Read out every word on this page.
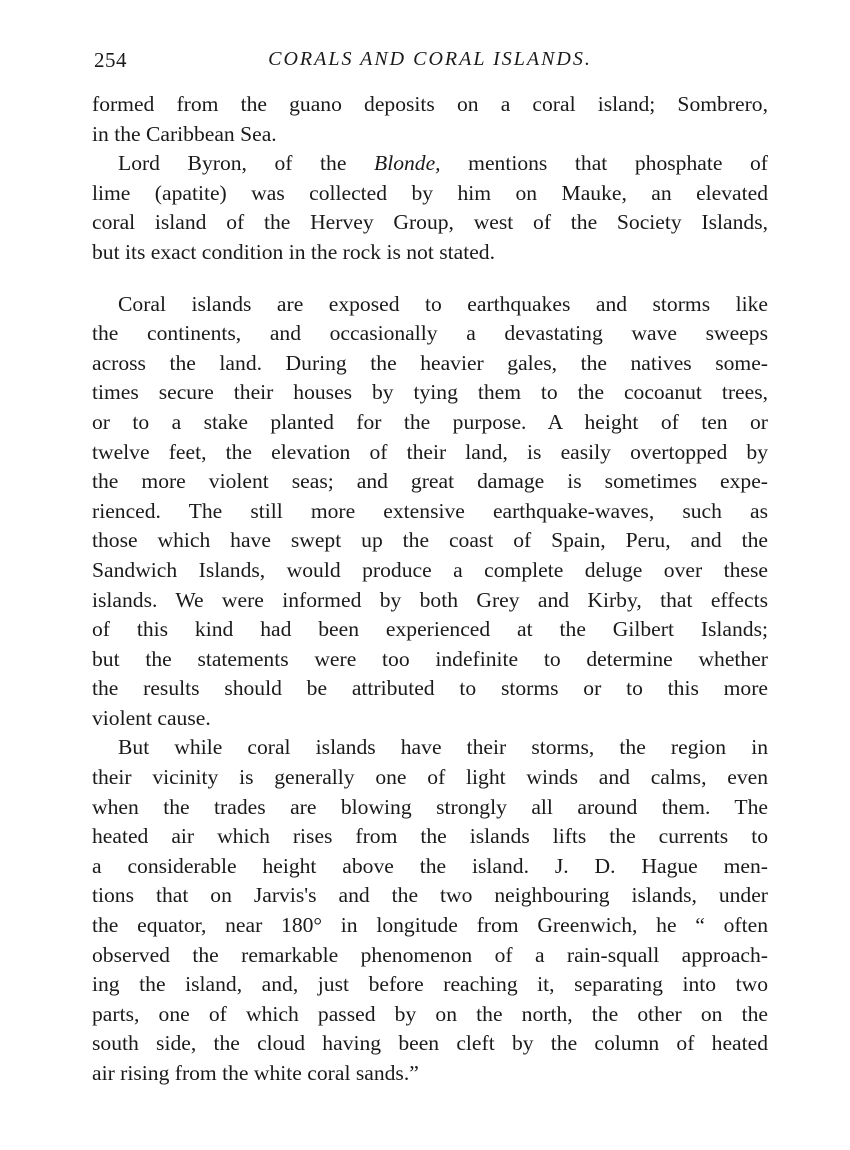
254	CORALS AND CORAL ISLANDS.
formed from the guano deposits on a coral island; Sombrero,
in the Caribbean Sea.
Lord Byron, of the Blonde, mentions that phosphate of
lime (apatite) was collected by him on Mauke, an elevated
coral island of the Hervey Group, west of the Society Islands,
but its exact condition in the rock is not stated.
Coral islands are exposed to earthquakes and storms like
the continents, and occasionally a devastating wave sweeps
across the land. During the heavier gales, the natives some-
times secure their houses by tying them to the cocoanut trees,
or to a stake planted for the purpose. A height of ten or
twelve feet, the elevation of their land, is easily overtopped by
the more violent seas; and great damage is sometimes expe-
rienced. The still more extensive earthquake-waves, such as
those which have swept up the coast of Spain, Peru, and the
Sandwich Islands, would produce a complete deluge over these
islands. We were informed by both Grey and Kirby, that effects
of this kind had been experienced at the Gilbert Islands;
but the statements were too indefinite to determine whether
the results should be attributed to storms or to this more
violent cause.
But while coral islands have their storms, the region in
their vicinity is generally one of light winds and calms, even
when the trades are blowing strongly all around them. The
heated air which rises from the islands lifts the currents to
a considerable height above the island. J. D. Hague men-
tions that on Jarvis's and the two neighbouring islands, under
the equator, near 180° in longitude from Greenwich, he “ often
observed the remarkable phenomenon of a rain-squall approach-
ing the island, and, just before reaching it, separating into two
parts, one of which passed by on the north, the other on the
south side, the cloud having been cleft by the column of heated
air rising from the white coral sands.”
